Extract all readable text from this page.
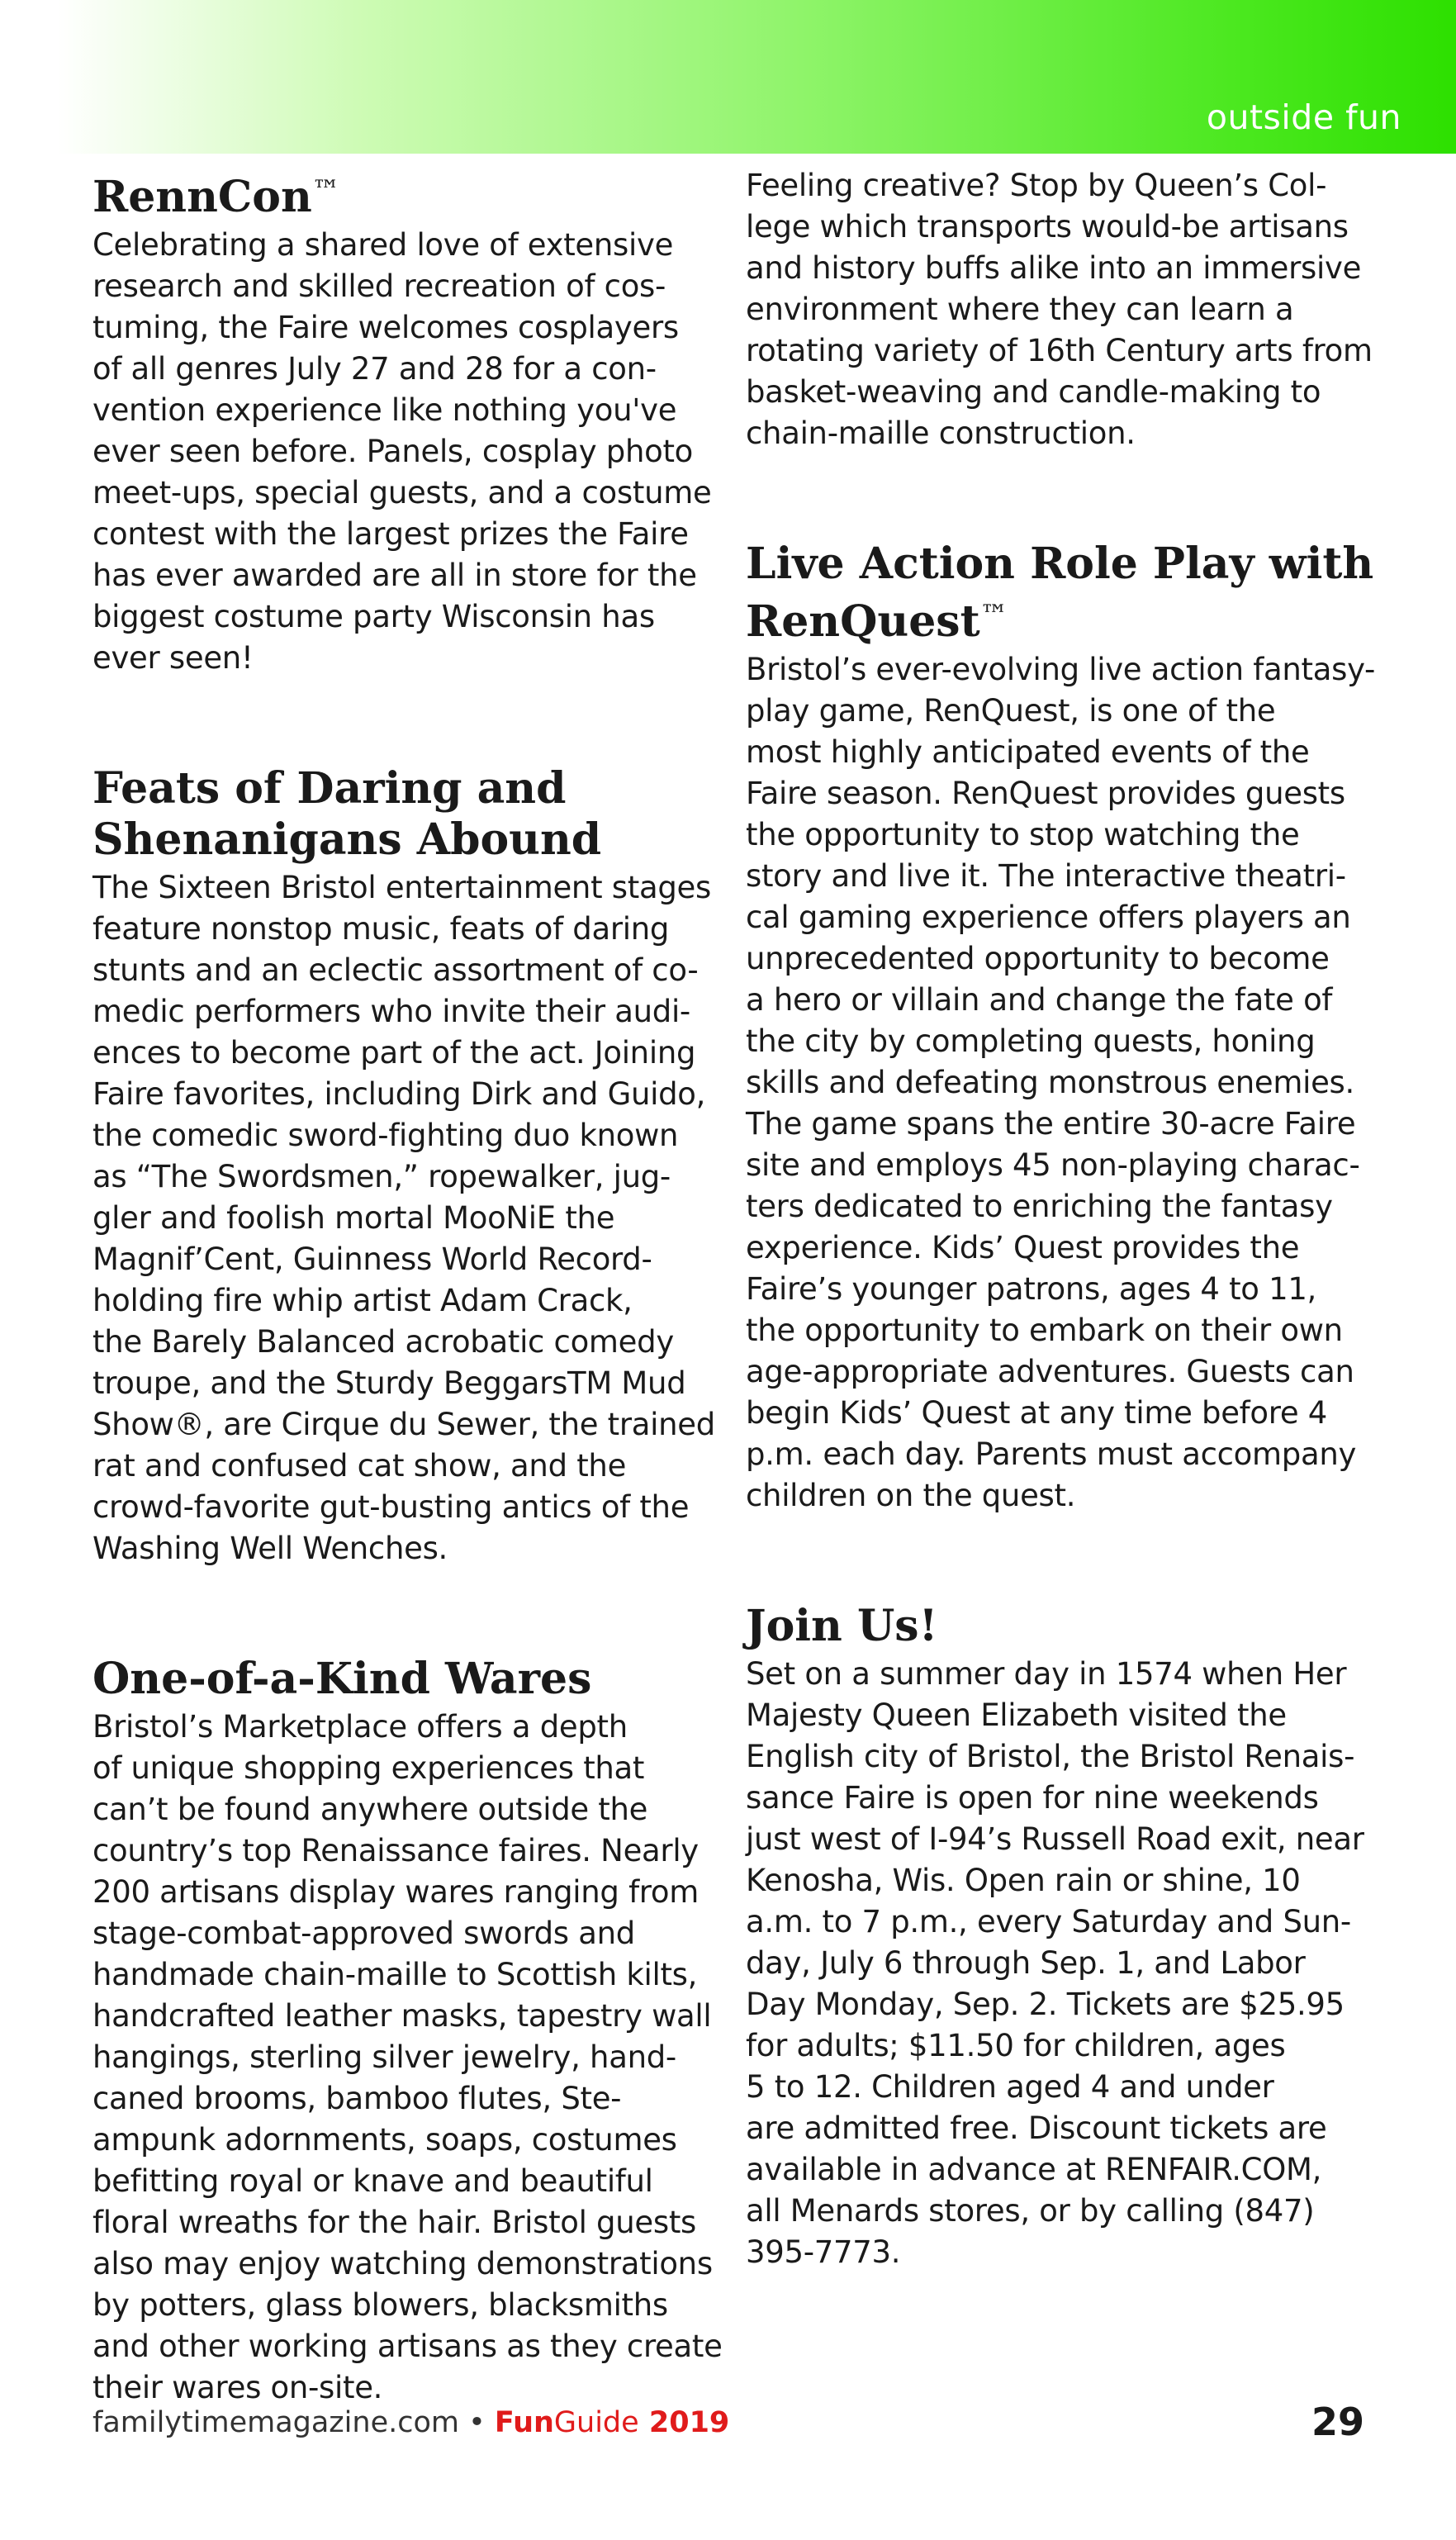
outside fun
RennCon™

Celebrating a shared love of extensive
research and skilled recreation of cos-
tuming, the Faire welcomes cosplayers
of all genres July 27 and 28 for a con-
vention experience like nothing you've
ever seen before. Panels, cosplay photo
meet-ups, special guests, and a costume
contest with the largest prizes the Faire
has ever awarded are all in store for the
biggest costume party Wisconsin has
ever seen!

Feats of Daring and Shenanigans Abound

The Sixteen Bristol entertainment stages
feature nonstop music, feats of daring
stunts and an eclectic assortment of co-
medic performers who invite their audi-
ences to become part of the act. Joining
Faire favorites, including Dirk and Guido,
the comedic sword-fighting duo known
as “The Swordsmen,” ropewalker, jug-
gler and foolish mortal MooNiE the
Magnif’Cent, Guinness World Record-
holding fire whip artist Adam Crack,
the Barely Balanced acrobatic comedy
troupe, and the Sturdy BeggarsTM Mud
Show®, are Cirque du Sewer, the trained
rat and confused cat show, and the
crowd-favorite gut-busting antics of the
Washing Well Wenches.

One-of-a-Kind Wares

Bristol’s Marketplace offers a depth
of unique shopping experiences that
can’t be found anywhere outside the
country’s top Renaissance faires. Nearly
200 artisans display wares ranging from
stage-combat-approved swords and
handmade chain-maille to Scottish kilts,
handcrafted leather masks, tapestry wall
hangings, sterling silver jewelry, hand-
caned brooms, bamboo flutes, Ste-
ampunk adornments, soaps, costumes
befitting royal or knave and beautiful
floral wreaths for the hair. Bristol guests
also may enjoy watching demonstrations
by potters, glass blowers, blacksmiths
and other working artisans as they create
their wares on-site.

Feeling creative? Stop by Queen’s Col-
lege which transports would-be artisans
and history buffs alike into an immersive
environment where they can learn a
rotating variety of 16th Century arts from
basket-weaving and candle-making to
chain-maille construction.

Live Action Role Play with RenQuest™

Bristol’s ever-evolving live action fantasy-
play game, RenQuest, is one of the
most highly anticipated events of the
Faire season. RenQuest provides guests
the opportunity to stop watching the
story and live it. The interactive theatri-
cal gaming experience offers players an
unprecedented opportunity to become
a hero or villain and change the fate of
the city by completing quests, honing
skills and defeating monstrous enemies.
The game spans the entire 30-acre Faire
site and employs 45 non-playing charac-
ters dedicated to enriching the fantasy
experience. Kids’ Quest provides the
Faire’s younger patrons, ages 4 to 11,
the opportunity to embark on their own
age-appropriate adventures. Guests can
begin Kids’ Quest at any time before 4
p.m. each day. Parents must accompany
children on the quest.

Join Us!

Set on a summer day in 1574 when Her
Majesty Queen Elizabeth visited the
English city of Bristol, the Bristol Renais-
sance Faire is open for nine weekends
just west of I-94’s Russell Road exit, near
Kenosha, Wis. Open rain or shine, 10
a.m. to 7 p.m., every Saturday and Sun-
day, July 6 through Sep. 1, and Labor
Day Monday, Sep. 2. Tickets are $25.95
for adults; $11.50 for children, ages
5 to 12. Children aged 4 and under
are admitted free. Discount tickets are
available in advance at RENFAIR.COM,
all Menards stores, or by calling (847)
395-7773.

familytimemagazine.com • FunGuide 2019	29
